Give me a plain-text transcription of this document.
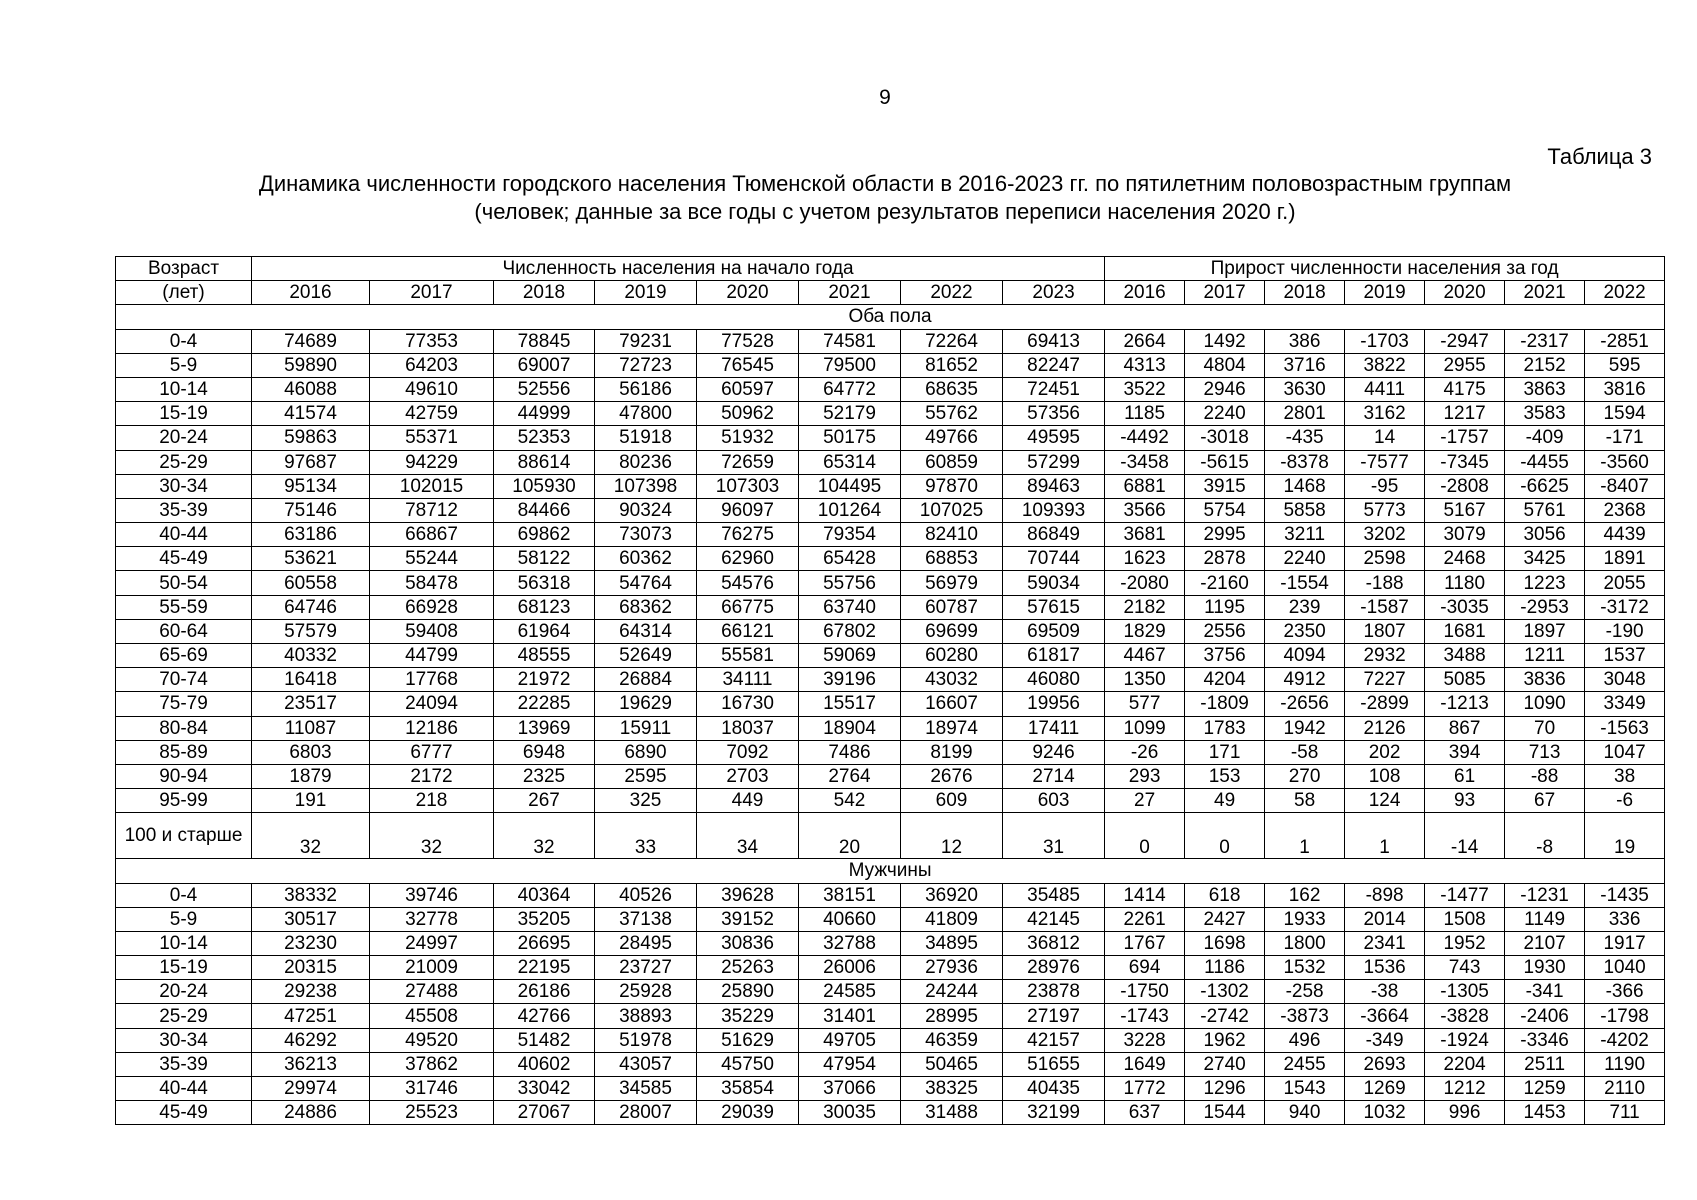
9
Таблица 3
Динамика численности городского населения Тюменской области в 2016-2023 гг. по пятилетним половозрастным группам
(человек; данные за все годы с учетом результатов переписи населения 2020 г.)
Возраст	Численность населения на начало года								Прирост численности населения за год						
(лет)	2016	2017	2018	2019	2020	2021	2022	2023	2016	2017	2018	2019	2020	2021	2022
Оба пола															
0-4	74689	77353	78845	79231	77528	74581	72264	69413	2664	1492	386	-1703	-2947	-2317	-2851
5-9	59890	64203	69007	72723	76545	79500	81652	82247	4313	4804	3716	3822	2955	2152	595
10-14	46088	49610	52556	56186	60597	64772	68635	72451	3522	2946	3630	4411	4175	3863	3816
15-19	41574	42759	44999	47800	50962	52179	55762	57356	1185	2240	2801	3162	1217	3583	1594
20-24	59863	55371	52353	51918	51932	50175	49766	49595	-4492	-3018	-435	14	-1757	-409	-171
25-29	97687	94229	88614	80236	72659	65314	60859	57299	-3458	-5615	-8378	-7577	-7345	-4455	-3560
30-34	95134	102015	105930	107398	107303	104495	97870	89463	6881	3915	1468	-95	-2808	-6625	-8407
35-39	75146	78712	84466	90324	96097	101264	107025	109393	3566	5754	5858	5773	5167	5761	2368
40-44	63186	66867	69862	73073	76275	79354	82410	86849	3681	2995	3211	3202	3079	3056	4439
45-49	53621	55244	58122	60362	62960	65428	68853	70744	1623	2878	2240	2598	2468	3425	1891
50-54	60558	58478	56318	54764	54576	55756	56979	59034	-2080	-2160	-1554	-188	1180	1223	2055
55-59	64746	66928	68123	68362	66775	63740	60787	57615	2182	1195	239	-1587	-3035	-2953	-3172
60-64	57579	59408	61964	64314	66121	67802	69699	69509	1829	2556	2350	1807	1681	1897	-190
65-69	40332	44799	48555	52649	55581	59069	60280	61817	4467	3756	4094	2932	3488	1211	1537
70-74	16418	17768	21972	26884	34111	39196	43032	46080	1350	4204	4912	7227	5085	3836	3048
75-79	23517	24094	22285	19629	16730	15517	16607	19956	577	-1809	-2656	-2899	-1213	1090	3349
80-84	11087	12186	13969	15911	18037	18904	18974	17411	1099	1783	1942	2126	867	70	-1563
85-89	6803	6777	6948	6890	7092	7486	8199	9246	-26	171	-58	202	394	713	1047
90-94	1879	2172	2325	2595	2703	2764	2676	2714	293	153	270	108	61	-88	38
95-99	191	218	267	325	449	542	609	603	27	49	58	124	93	67	-6
100 и старше	32	32	32	33	34	20	12	31	0	0	1	1	-14	-8	19
Мужчины															
0-4	38332	39746	40364	40526	39628	38151	36920	35485	1414	618	162	-898	-1477	-1231	-1435
5-9	30517	32778	35205	37138	39152	40660	41809	42145	2261	2427	1933	2014	1508	1149	336
10-14	23230	24997	26695	28495	30836	32788	34895	36812	1767	1698	1800	2341	1952	2107	1917
15-19	20315	21009	22195	23727	25263	26006	27936	28976	694	1186	1532	1536	743	1930	1040
20-24	29238	27488	26186	25928	25890	24585	24244	23878	-1750	-1302	-258	-38	-1305	-341	-366
25-29	47251	45508	42766	38893	35229	31401	28995	27197	-1743	-2742	-3873	-3664	-3828	-2406	-1798
30-34	46292	49520	51482	51978	51629	49705	46359	42157	3228	1962	496	-349	-1924	-3346	-4202
35-39	36213	37862	40602	43057	45750	47954	50465	51655	1649	2740	2455	2693	2204	2511	1190
40-44	29974	31746	33042	34585	35854	37066	38325	40435	1772	1296	1543	1269	1212	1259	2110
45-49	24886	25523	27067	28007	29039	30035	31488	32199	637	1544	940	1032	996	1453	711
